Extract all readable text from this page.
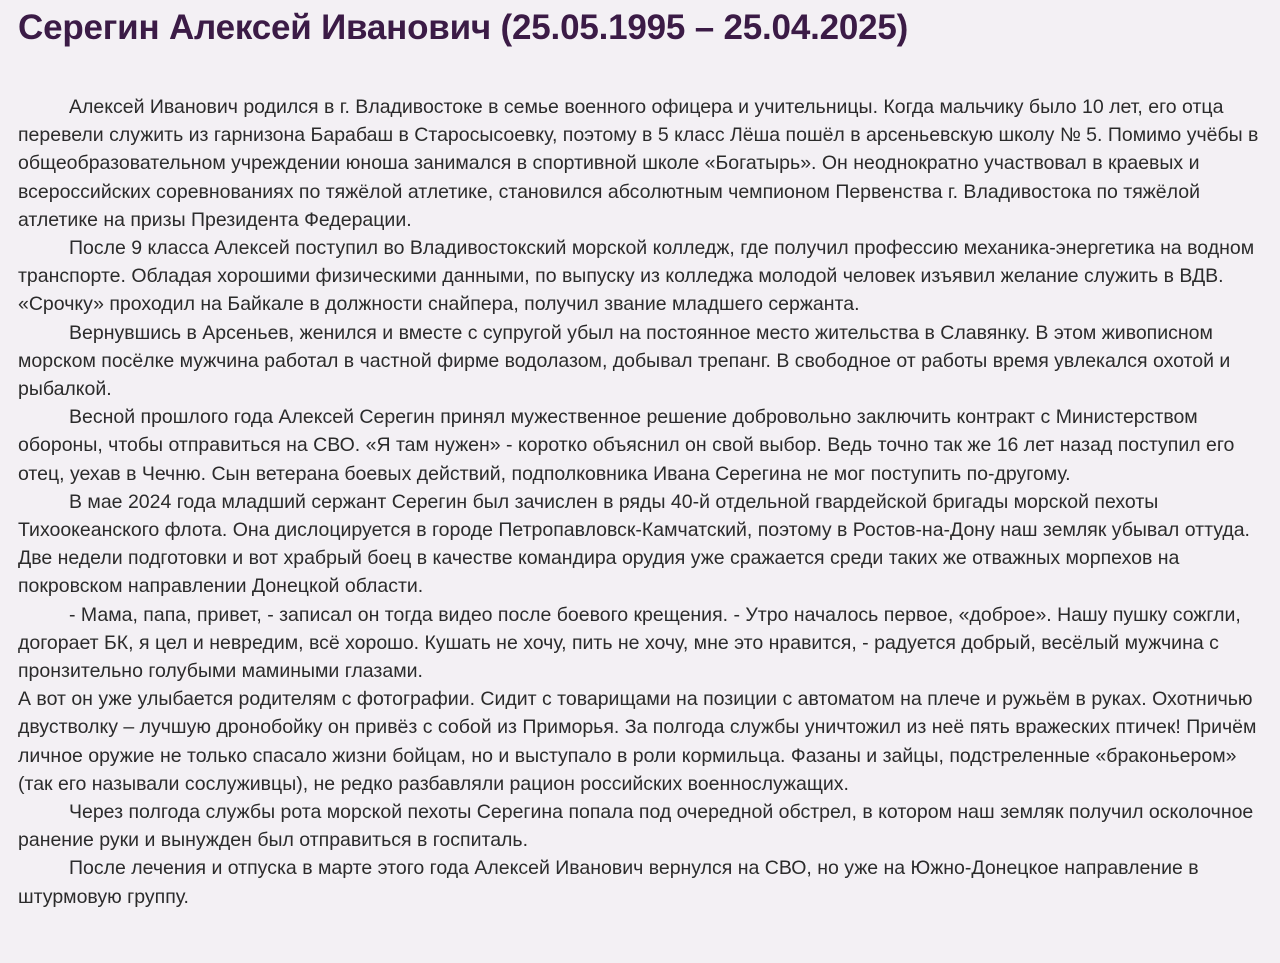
Серегин Алексей Иванович (25.05.1995 – 25.04.2025)

Алексей Иванович родился в г. Владивостоке в семье военного офицера и учительницы. Когда мальчику было 10 лет, его отца перевели служить из гарнизона Барабаш в Старосысоевку, поэтому в 5 класс Лёша пошёл в арсеньевскую школу № 5. Помимо учёбы в общеобразовательном учреждении юноша занимался в спортивной школе «Богатырь». Он неоднократно участвовал в краевых и всероссийских соревнованиях по тяжёлой атлетике, становился абсолютным чемпионом Первенства г. Владивостока по тяжёлой атлетике на призы Президента Федерации.

После 9 класса Алексей поступил во Владивостокский морской колледж, где получил профессию механика-энергетика на водном транспорте. Обладая хорошими физическими данными, по выпуску из колледжа молодой человек изъявил желание служить в ВДВ. «Срочку» проходил на Байкале в должности снайпера, получил звание младшего сержанта.

Вернувшись в Арсеньев, женился и вместе с супругой убыл на постоянное место жительства в Славянку. В этом живописном морском посёлке мужчина работал в частной фирме водолазом, добывал трепанг. В свободное от работы время увлекался охотой и рыбалкой.

Весной прошлого года Алексей Серегин принял мужественное решение добровольно заключить контракт с Министерством обороны, чтобы отправиться на СВО. «Я там нужен» - коротко объяснил он свой выбор. Ведь точно так же 16 лет назад поступил его отец, уехав в Чечню. Сын ветерана боевых действий, подполковника Ивана Серегина не мог поступить по-другому.

В мае 2024 года младший сержант Серегин был зачислен в ряды 40-й отдельной гвардейской бригады морской пехоты Тихоокеанского флота. Она дислоцируется в городе Петропавловск-Камчатский, поэтому в Ростов-на-Дону наш земляк убывал оттуда. Две недели подготовки и вот храбрый боец в качестве командира орудия уже сражается среди таких же отважных морпехов на покровском направлении Донецкой области.

- Мама, папа, привет, - записал он тогда видео после боевого крещения. - Утро началось первое, «доброе». Нашу пушку сожгли, догорает БК, я цел и невредим, всё хорошо. Кушать не хочу, пить не хочу, мне это нравится, - радуется добрый, весёлый мужчина с пронзительно голубыми мамиными глазами.

А вот он уже улыбается родителям с фотографии. Сидит с товарищами на позиции с автоматом на плече и ружьём в руках. Охотничью двустволку – лучшую дронобойку он привёз с собой из Приморья. За полгода службы уничтожил из неё пять вражеских птичек! Причём личное оружие не только спасало жизни бойцам, но и выступало в роли кормильца. Фазаны и зайцы, подстреленные «браконьером» (так его называли сослуживцы), не редко разбавляли рацион российских военнослужащих.

Через полгода службы рота морской пехоты Серегина попала под очередной обстрел, в котором наш земляк получил осколочное ранение руки и вынужден был отправиться в госпиталь.

После лечения и отпуска в марте этого года Алексей Иванович вернулся на СВО, но уже на Южно-Донецкое направление в штурмовую группу.
